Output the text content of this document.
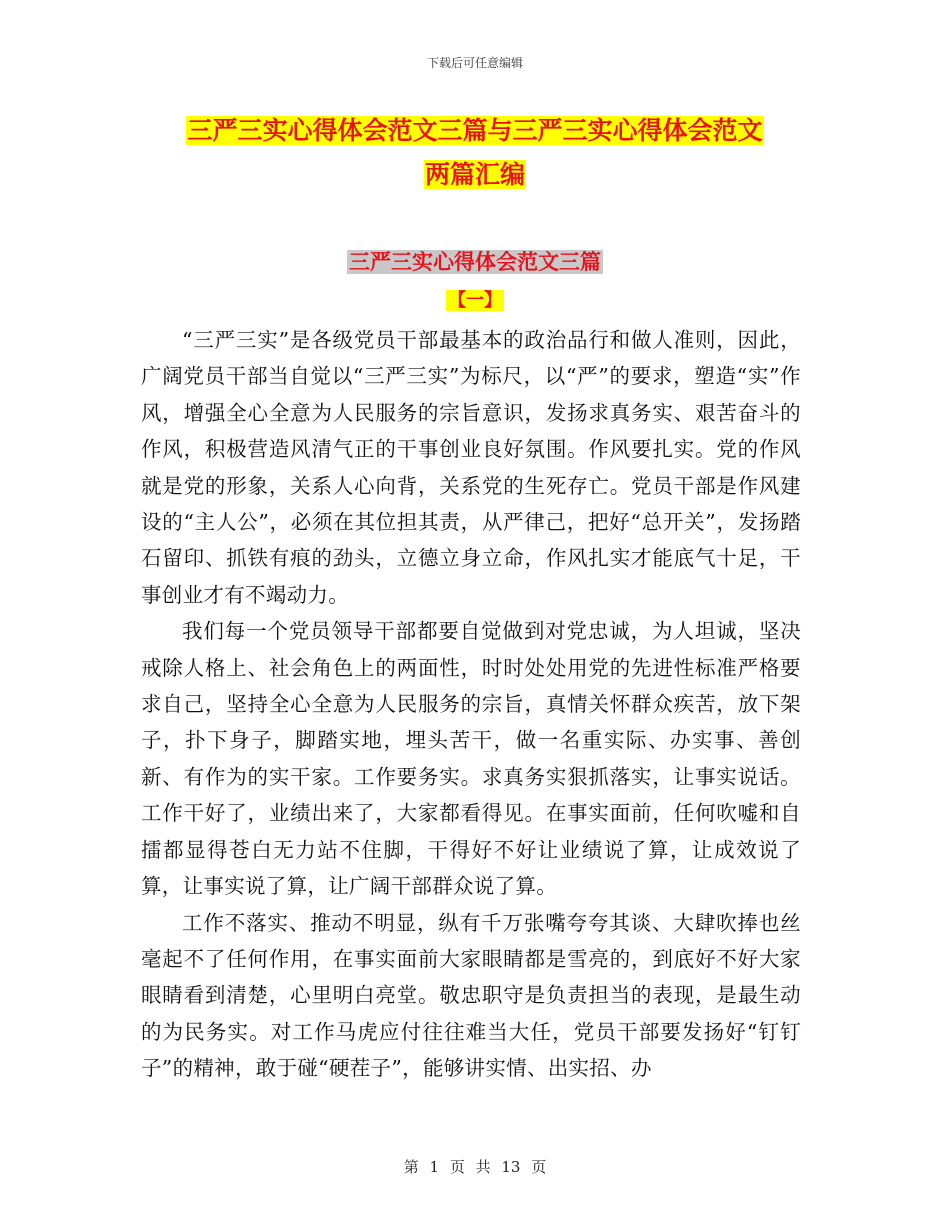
下载后可任意编辑
三严三实心得体会范文三篇与三严三实心得体会范文
两篇汇编
三严三实心得体会范文三篇
【一】

“三严三实”是各级党员干部最基本的政治品行和做人准则，因此，广阔党员干部当自觉以“三严三实”为标尺，以“严”的要求，塑造“实”作风，增强全心全意为人民服务的宗旨意识，发扬求真务实、艰苦奋斗的作风，积极营造风清气正的干事创业良好氛围。作风要扎实。党的作风就是党的形象，关系人心向背，关系党的生死存亡。党员干部是作风建设的“主人公”，必须在其位担其责，从严律己，把好“总开关”，发扬踏石留印、抓铁有痕的劲头，立德立身立命，作风扎实才能底气十足，干事创业才有不竭动力。

我们每一个党员领导干部都要自觉做到对党忠诚，为人坦诚，坚决戒除人格上、社会角色上的两面性，时时处处用党的先进性标准严格要求自己，坚持全心全意为人民服务的宗旨，真情关怀群众疾苦，放下架子，扑下身子，脚踏实地，埋头苦干，做一名重实际、办实事、善创新、有作为的实干家。工作要务实。求真务实狠抓落实，让事实说话。工作干好了，业绩出来了，大家都看得见。在事实面前，任何吹嘘和自擂都显得苍白无力站不住脚，干得好不好让业绩说了算，让成效说了算，让事实说了算，让广阔干部群众说了算。

工作不落实、推动不明显，纵有千万张嘴夸夸其谈、大肆吹捧也丝毫起不了任何作用，在事实面前大家眼睛都是雪亮的，到底好不好大家眼睛看到清楚，心里明白亮堂。敬忠职守是负责担当的表现，是最生动的为民务实。对工作马虎应付往往难当大任，党员干部要发扬好“钉钉子”的精神，敢于碰“硬茬子”，能够讲实情、出实招、办

第 1 页 共 13 页
